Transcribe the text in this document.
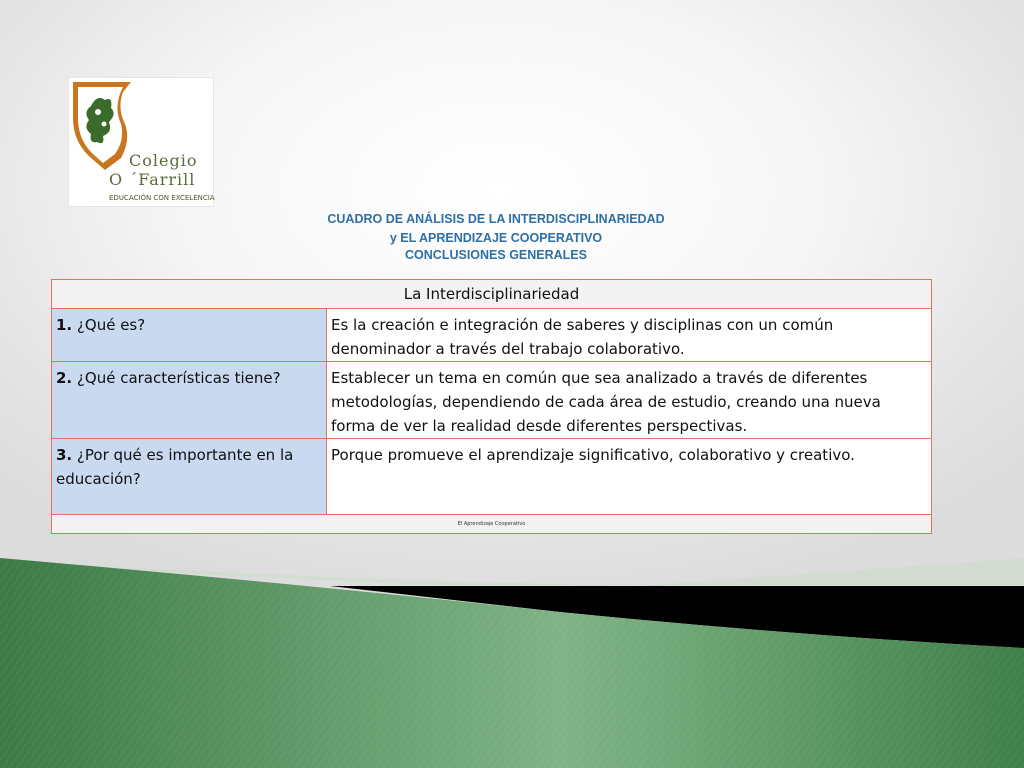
Colegio
O ´Farrill
EDUCACIÓN CON EXCELENCIA
CUADRO DE ANÁLISIS DE LA INTERDISCIPLINARIEDAD
y EL APRENDIZAJE COOPERATIVO
CONCLUSIONES GENERALES
La Interdisciplinariedad	
1. ¿Qué es?	Es la creación e integración de saberes y disciplinas con un común denominador a través del trabajo colaborativo.
2. ¿Qué características tiene?	Establecer un tema en común que sea analizado a través de diferentes metodologías, dependiendo de cada área de estudio, creando una nueva forma de ver la realidad desde diferentes perspectivas.
3. ¿Por qué es importante en la educación?	Porque promueve el aprendizaje significativo, colaborativo y creativo.
El Aprendizaje Cooperativo	
